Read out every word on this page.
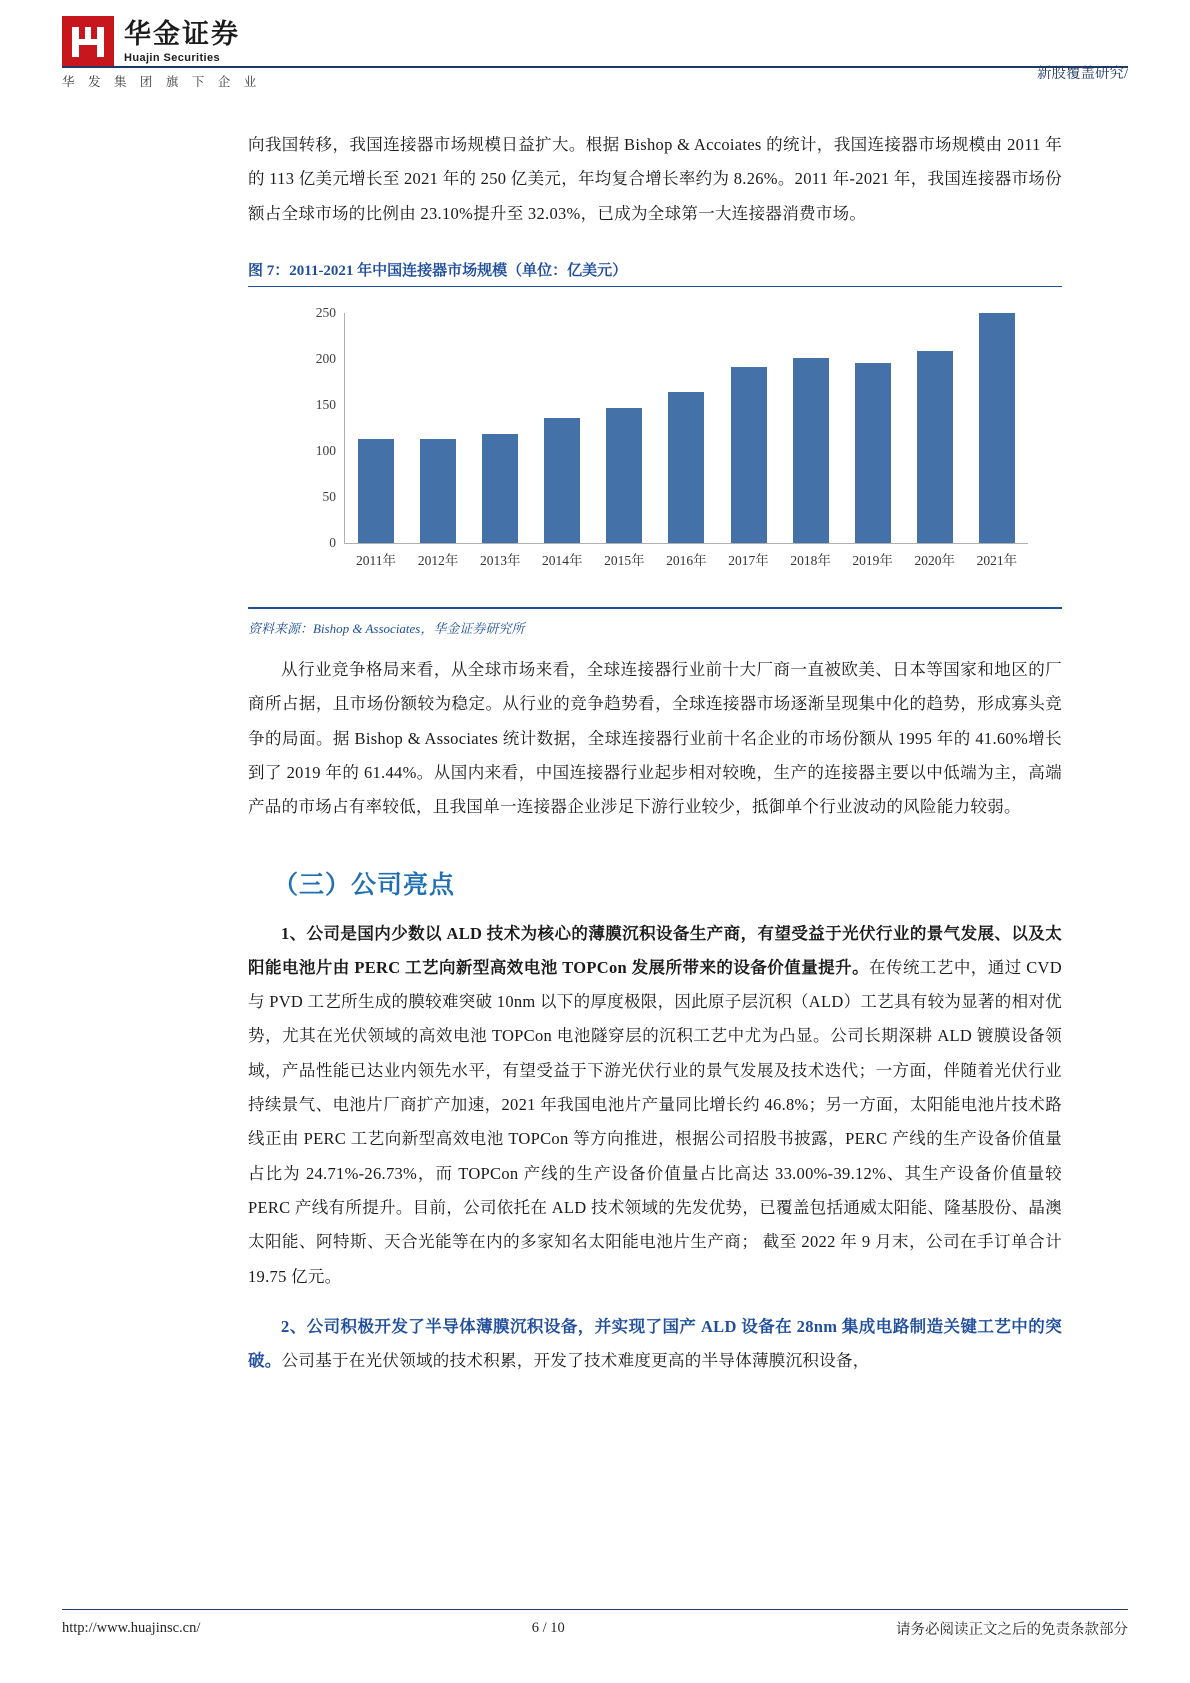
华金证券
Huajin Securities
华 发 集 团 旗 下 企 业	新股覆盖研究/

向我国转移，我国连接器市场规模日益扩大。根据 Bishop & Accoiates 的统计，我国连接器市场规模由 2011 年的 113 亿美元增长至 2021 年的 250 亿美元，年均复合增长率约为 8.26%。2011 年-2021 年，我国连接器市场份额占全球市场的比例由 23.10%提升至 32.03%，已成为全球第一大连接器消费市场。

图 7：2011-2021 年中国连接器市场规模（单位：亿美元）
250
200
150
100
50
0
2011年	2012年	2013年	2014年	2015年	2016年	2017年	2018年	2019年	2020年	2021年
资料来源：Bishop & Associates，华金证券研究所

从行业竞争格局来看，从全球市场来看，全球连接器行业前十大厂商一直被欧美、日本等国家和地区的厂商所占据，且市场份额较为稳定。从行业的竞争趋势看，全球连接器市场逐渐呈现集中化的趋势，形成寡头竞争的局面。据 Bishop & Associates 统计数据，全球连接器行业前十名企业的市场份额从 1995 年的 41.60%增长到了 2019 年的 61.44%。从国内来看，中国连接器行业起步相对较晚，生产的连接器主要以中低端为主，高端产品的市场占有率较低，且我国单一连接器企业涉足下游行业较少，抵御单个行业波动的风险能力较弱。

（三）公司亮点

1、公司是国内少数以 ALD 技术为核心的薄膜沉积设备生产商，有望受益于光伏行业的景气发展、以及太阳能电池片由 PERC 工艺向新型高效电池 TOPCon 发展所带来的设备价值量提升。在传统工艺中，通过 CVD 与 PVD 工艺所生成的膜较难突破 10nm 以下的厚度极限，因此原子层沉积（ALD）工艺具有较为显著的相对优势，尤其在光伏领域的高效电池 TOPCon 电池隧穿层的沉积工艺中尤为凸显。公司长期深耕 ALD 镀膜设备领域，产品性能已达业内领先水平，有望受益于下游光伏行业的景气发展及技术迭代；一方面，伴随着光伏行业持续景气、电池片厂商扩产加速，2021 年我国电池片产量同比增长约 46.8%；另一方面，太阳能电池片技术路线正由 PERC 工艺向新型高效电池 TOPCon 等方向推进，根据公司招股书披露，PERC 产线的生产设备价值量占比为 24.71%-26.73%，而 TOPCon 产线的生产设备价值量占比高达 33.00%-39.12%、其生产设备价值量较 PERC 产线有所提升。目前，公司依托在 ALD 技术领域的先发优势，已覆盖包括通威太阳能、隆基股份、晶澳太阳能、阿特斯、天合光能等在内的多家知名太阳能电池片生产商； 截至 2022 年 9 月末，公司在手订单合计 19.75 亿元。

2、公司积极开发了半导体薄膜沉积设备，并实现了国产 ALD 设备在 28nm 集成电路制造关键工艺中的突破。公司基于在光伏领域的技术积累，开发了技术难度更高的半导体薄膜沉积设备，

http://www.huajinsc.cn/	6 / 10	请务必阅读正文之后的免责条款部分
